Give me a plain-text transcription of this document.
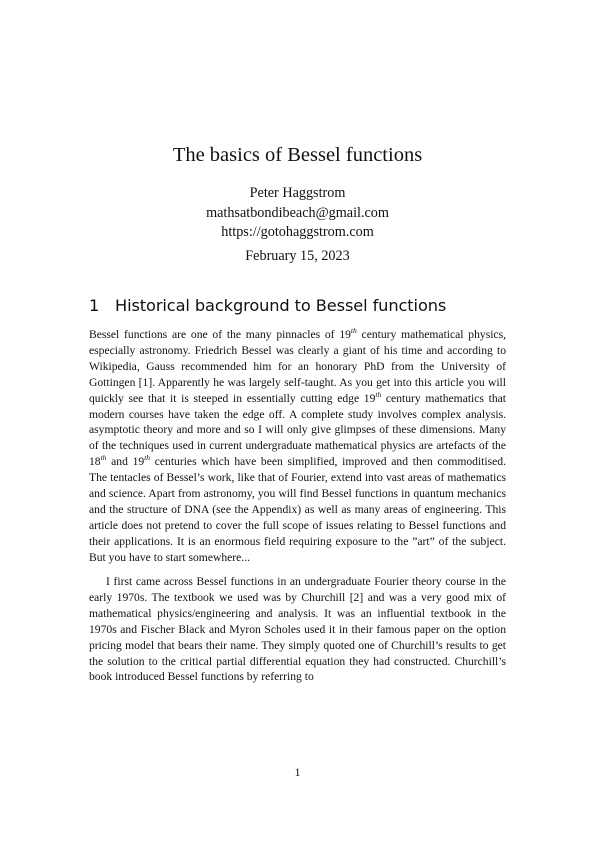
The basics of Bessel functions
Peter Haggstrom
mathsatbondibeach@gmail.com
https://gotohaggstrom.com
February 15, 2023
1 Historical background to Bessel functions
Bessel functions are one of the many pinnacles of 19th century mathematical physics, especially astronomy. Friedrich Bessel was clearly a giant of his time and according to Wikipedia, Gauss recommended him for an honorary PhD from the University of Gottingen [1]. Apparently he was largely self-taught. As you get into this article you will quickly see that it is steeped in essentially cutting edge 19th century mathematics that modern courses have taken the edge off. A complete study involves complex analysis. asymptotic theory and more and so I will only give glimpses of these dimensions. Many of the techniques used in current undergraduate mathematical physics are artefacts of the 18th and 19th centuries which have been simplified, improved and then commoditised. The tentacles of Bessel’s work, like that of Fourier, extend into vast areas of mathematics and science. Apart from astronomy, you will find Bessel functions in quantum mechanics and the structure of DNA (see the Appendix) as well as many areas of engineering. This article does not pretend to cover the full scope of issues relating to Bessel functions and their applications. It is an enormous field requiring exposure to the ”art” of the subject. But you have to start somewhere...
I first came across Bessel functions in an undergraduate Fourier theory course in the early 1970s. The textbook we used was by Churchill [2] and was a very good mix of mathematical physics/engineering and analysis. It was an influential textbook in the 1970s and Fischer Black and Myron Scholes used it in their famous paper on the option pricing model that bears their name. They simply quoted one of Churchill’s results to get the solution to the critical partial differential equation they had constructed. Churchill’s book introduced Bessel functions by referring to
1
